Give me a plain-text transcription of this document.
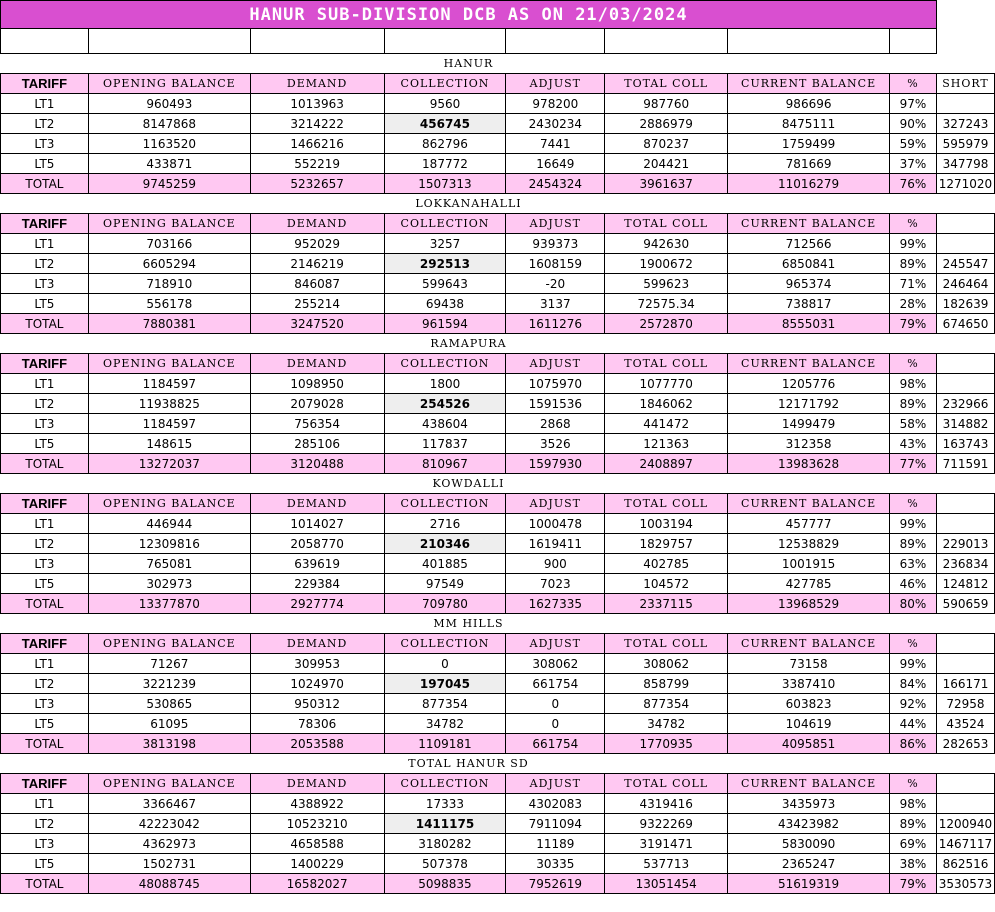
HANUR SUB-DIVISION DCB AS ON 21/03/2024								

HANUR								
TARIFF	OPENING BALANCE	DEMAND	COLLECTION	ADJUST	TOTAL COLL	CURRENT BALANCE	%	SHORT
LT1	960493	1013963	9560	978200	987760	986696	97%	
LT2	8147868	3214222	456745	2430234	2886979	8475111	90%	327243
LT3	1163520	1466216	862796	7441	870237	1759499	59%	595979
LT5	433871	552219	187772	16649	204421	781669	37%	347798
TOTAL	9745259	5232657	1507313	2454324	3961637	11016279	76%	1271020
LOKKANAHALLI								
TARIFF	OPENING BALANCE	DEMAND	COLLECTION	ADJUST	TOTAL COLL	CURRENT BALANCE	%	
LT1	703166	952029	3257	939373	942630	712566	99%	
LT2	6605294	2146219	292513	1608159	1900672	6850841	89%	245547
LT3	718910	846087	599643	-20	599623	965374	71%	246464
LT5	556178	255214	69438	3137	72575.34	738817	28%	182639
TOTAL	7880381	3247520	961594	1611276	2572870	8555031	79%	674650
RAMAPURA								
TARIFF	OPENING BALANCE	DEMAND	COLLECTION	ADJUST	TOTAL COLL	CURRENT BALANCE	%	
LT1	1184597	1098950	1800	1075970	1077770	1205776	98%	
LT2	11938825	2079028	254526	1591536	1846062	12171792	89%	232966
LT3	1184597	756354	438604	2868	441472	1499479	58%	314882
LT5	148615	285106	117837	3526	121363	312358	43%	163743
TOTAL	13272037	3120488	810967	1597930	2408897	13983628	77%	711591
KOWDALLI								
TARIFF	OPENING BALANCE	DEMAND	COLLECTION	ADJUST	TOTAL COLL	CURRENT BALANCE	%	
LT1	446944	1014027	2716	1000478	1003194	457777	99%	
LT2	12309816	2058770	210346	1619411	1829757	12538829	89%	229013
LT3	765081	639619	401885	900	402785	1001915	63%	236834
LT5	302973	229384	97549	7023	104572	427785	46%	124812
TOTAL	13377870	2927774	709780	1627335	2337115	13968529	80%	590659
MM HILLS								
TARIFF	OPENING BALANCE	DEMAND	COLLECTION	ADJUST	TOTAL COLL	CURRENT BALANCE	%	
LT1	71267	309953	0	308062	308062	73158	99%	
LT2	3221239	1024970	197045	661754	858799	3387410	84%	166171
LT3	530865	950312	877354	0	877354	603823	92%	72958
LT5	61095	78306	34782	0	34782	104619	44%	43524
TOTAL	3813198	2053588	1109181	661754	1770935	4095851	86%	282653
TOTAL HANUR SD								
TARIFF	OPENING BALANCE	DEMAND	COLLECTION	ADJUST	TOTAL COLL	CURRENT BALANCE	%	
LT1	3366467	4388922	17333	4302083	4319416	3435973	98%	
LT2	42223042	10523210	1411175	7911094	9322269	43423982	89%	1200940
LT3	4362973	4658588	3180282	11189	3191471	5830090	69%	1467117
LT5	1502731	1400229	507378	30335	537713	2365247	38%	862516
TOTAL	48088745	16582027	5098835	7952619	13051454	51619319	79%	3530573
